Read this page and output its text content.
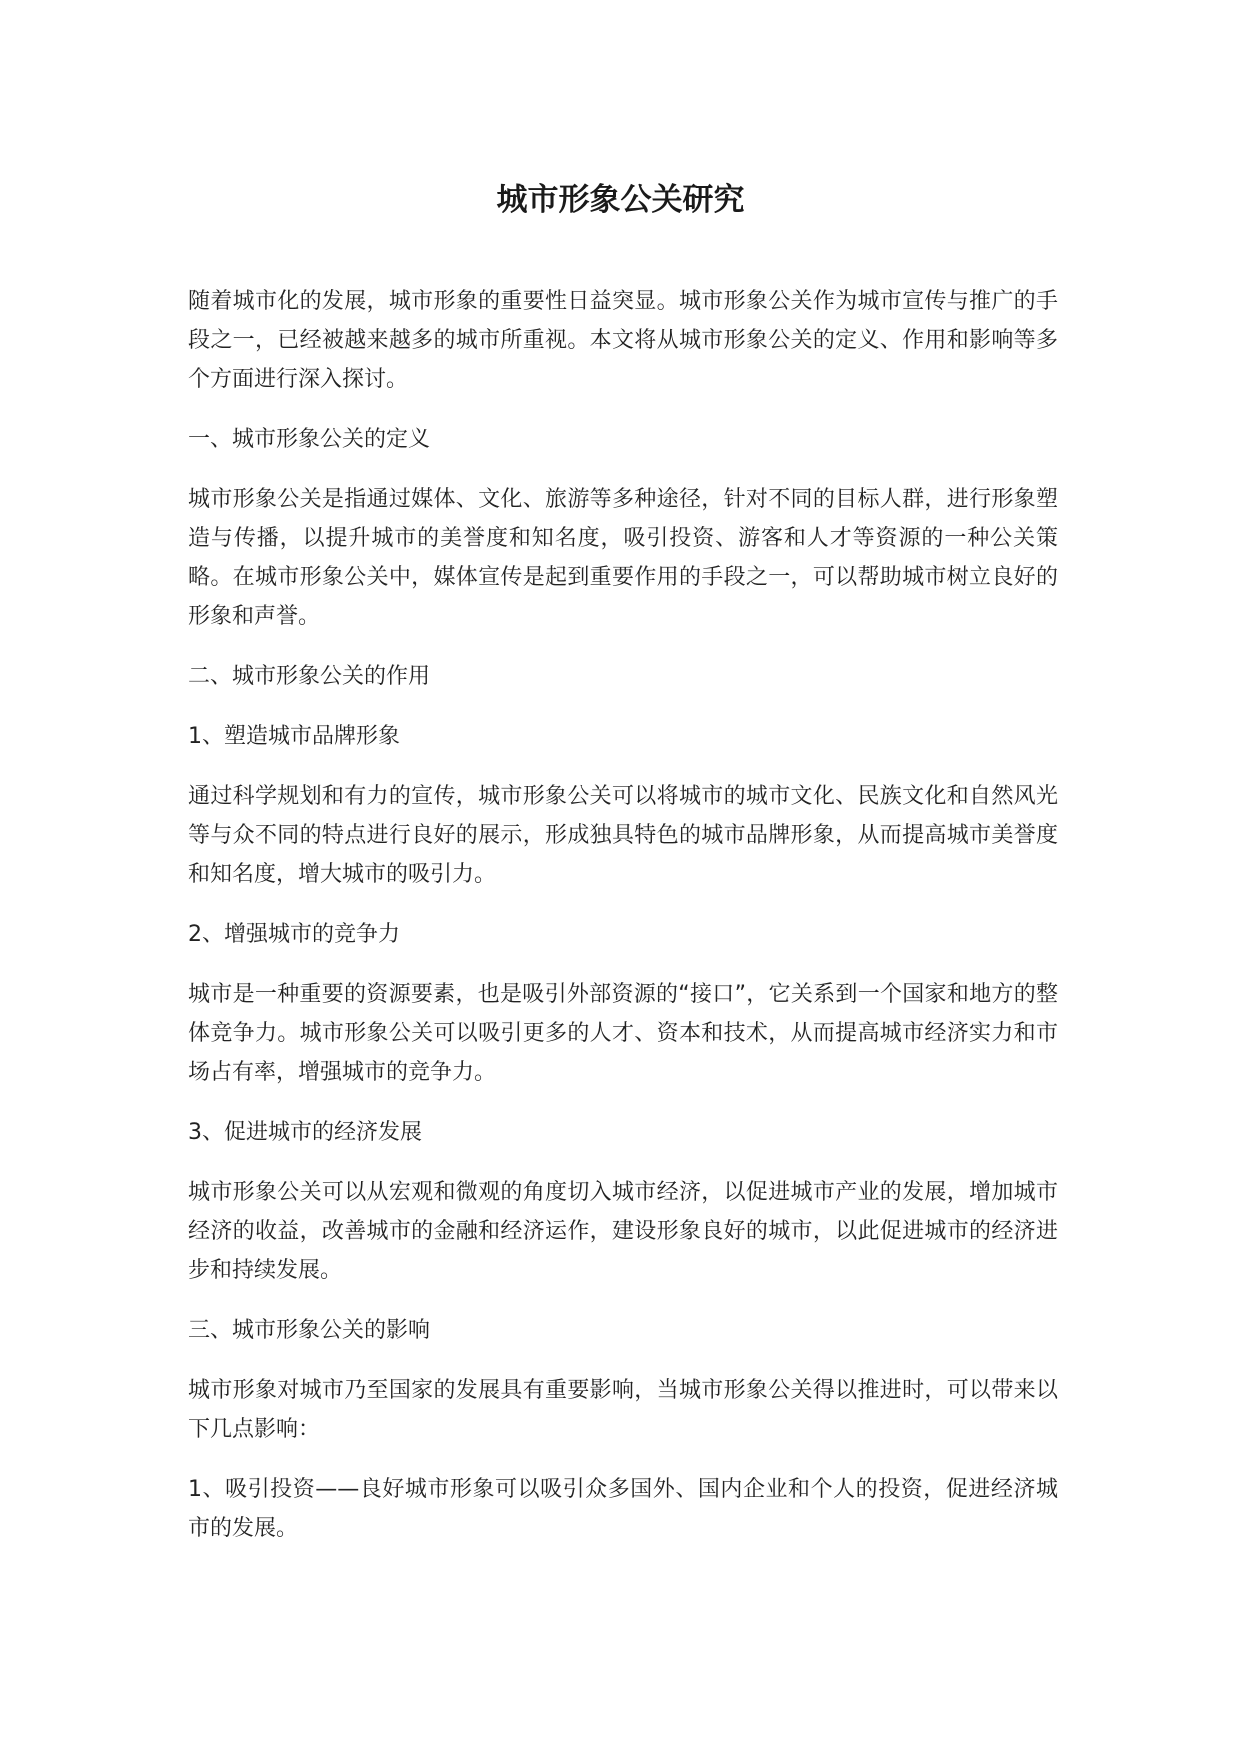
城市形象公关研究

随着城市化的发展，城市形象的重要性日益突显。城市形象公关作为城市宣传与推广的手段之一，已经被越来越多的城市所重视。本文将从城市形象公关的定义、作用和影响等多个方面进行深入探讨。

一、城市形象公关的定义

城市形象公关是指通过媒体、文化、旅游等多种途径，针对不同的目标人群，进行形象塑造与传播，以提升城市的美誉度和知名度，吸引投资、游客和人才等资源的一种公关策略。在城市形象公关中，媒体宣传是起到重要作用的手段之一，可以帮助城市树立良好的形象和声誉。

二、城市形象公关的作用

1、塑造城市品牌形象

通过科学规划和有力的宣传，城市形象公关可以将城市的城市文化、民族文化和自然风光等与众不同的特点进行良好的展示，形成独具特色的城市品牌形象，从而提高城市美誉度和知名度，增大城市的吸引力。

2、增强城市的竞争力

城市是一种重要的资源要素，也是吸引外部资源的“接口”，它关系到一个国家和地方的整体竞争力。城市形象公关可以吸引更多的人才、资本和技术，从而提高城市经济实力和市场占有率，增强城市的竞争力。

3、促进城市的经济发展

城市形象公关可以从宏观和微观的角度切入城市经济，以促进城市产业的发展，增加城市经济的收益，改善城市的金融和经济运作，建设形象良好的城市，以此促进城市的经济进步和持续发展。

三、城市形象公关的影响

城市形象对城市乃至国家的发展具有重要影响，当城市形象公关得以推进时，可以带来以下几点影响：

1、吸引投资——良好城市形象可以吸引众多国外、国内企业和个人的投资，促进经济城市的发展。
